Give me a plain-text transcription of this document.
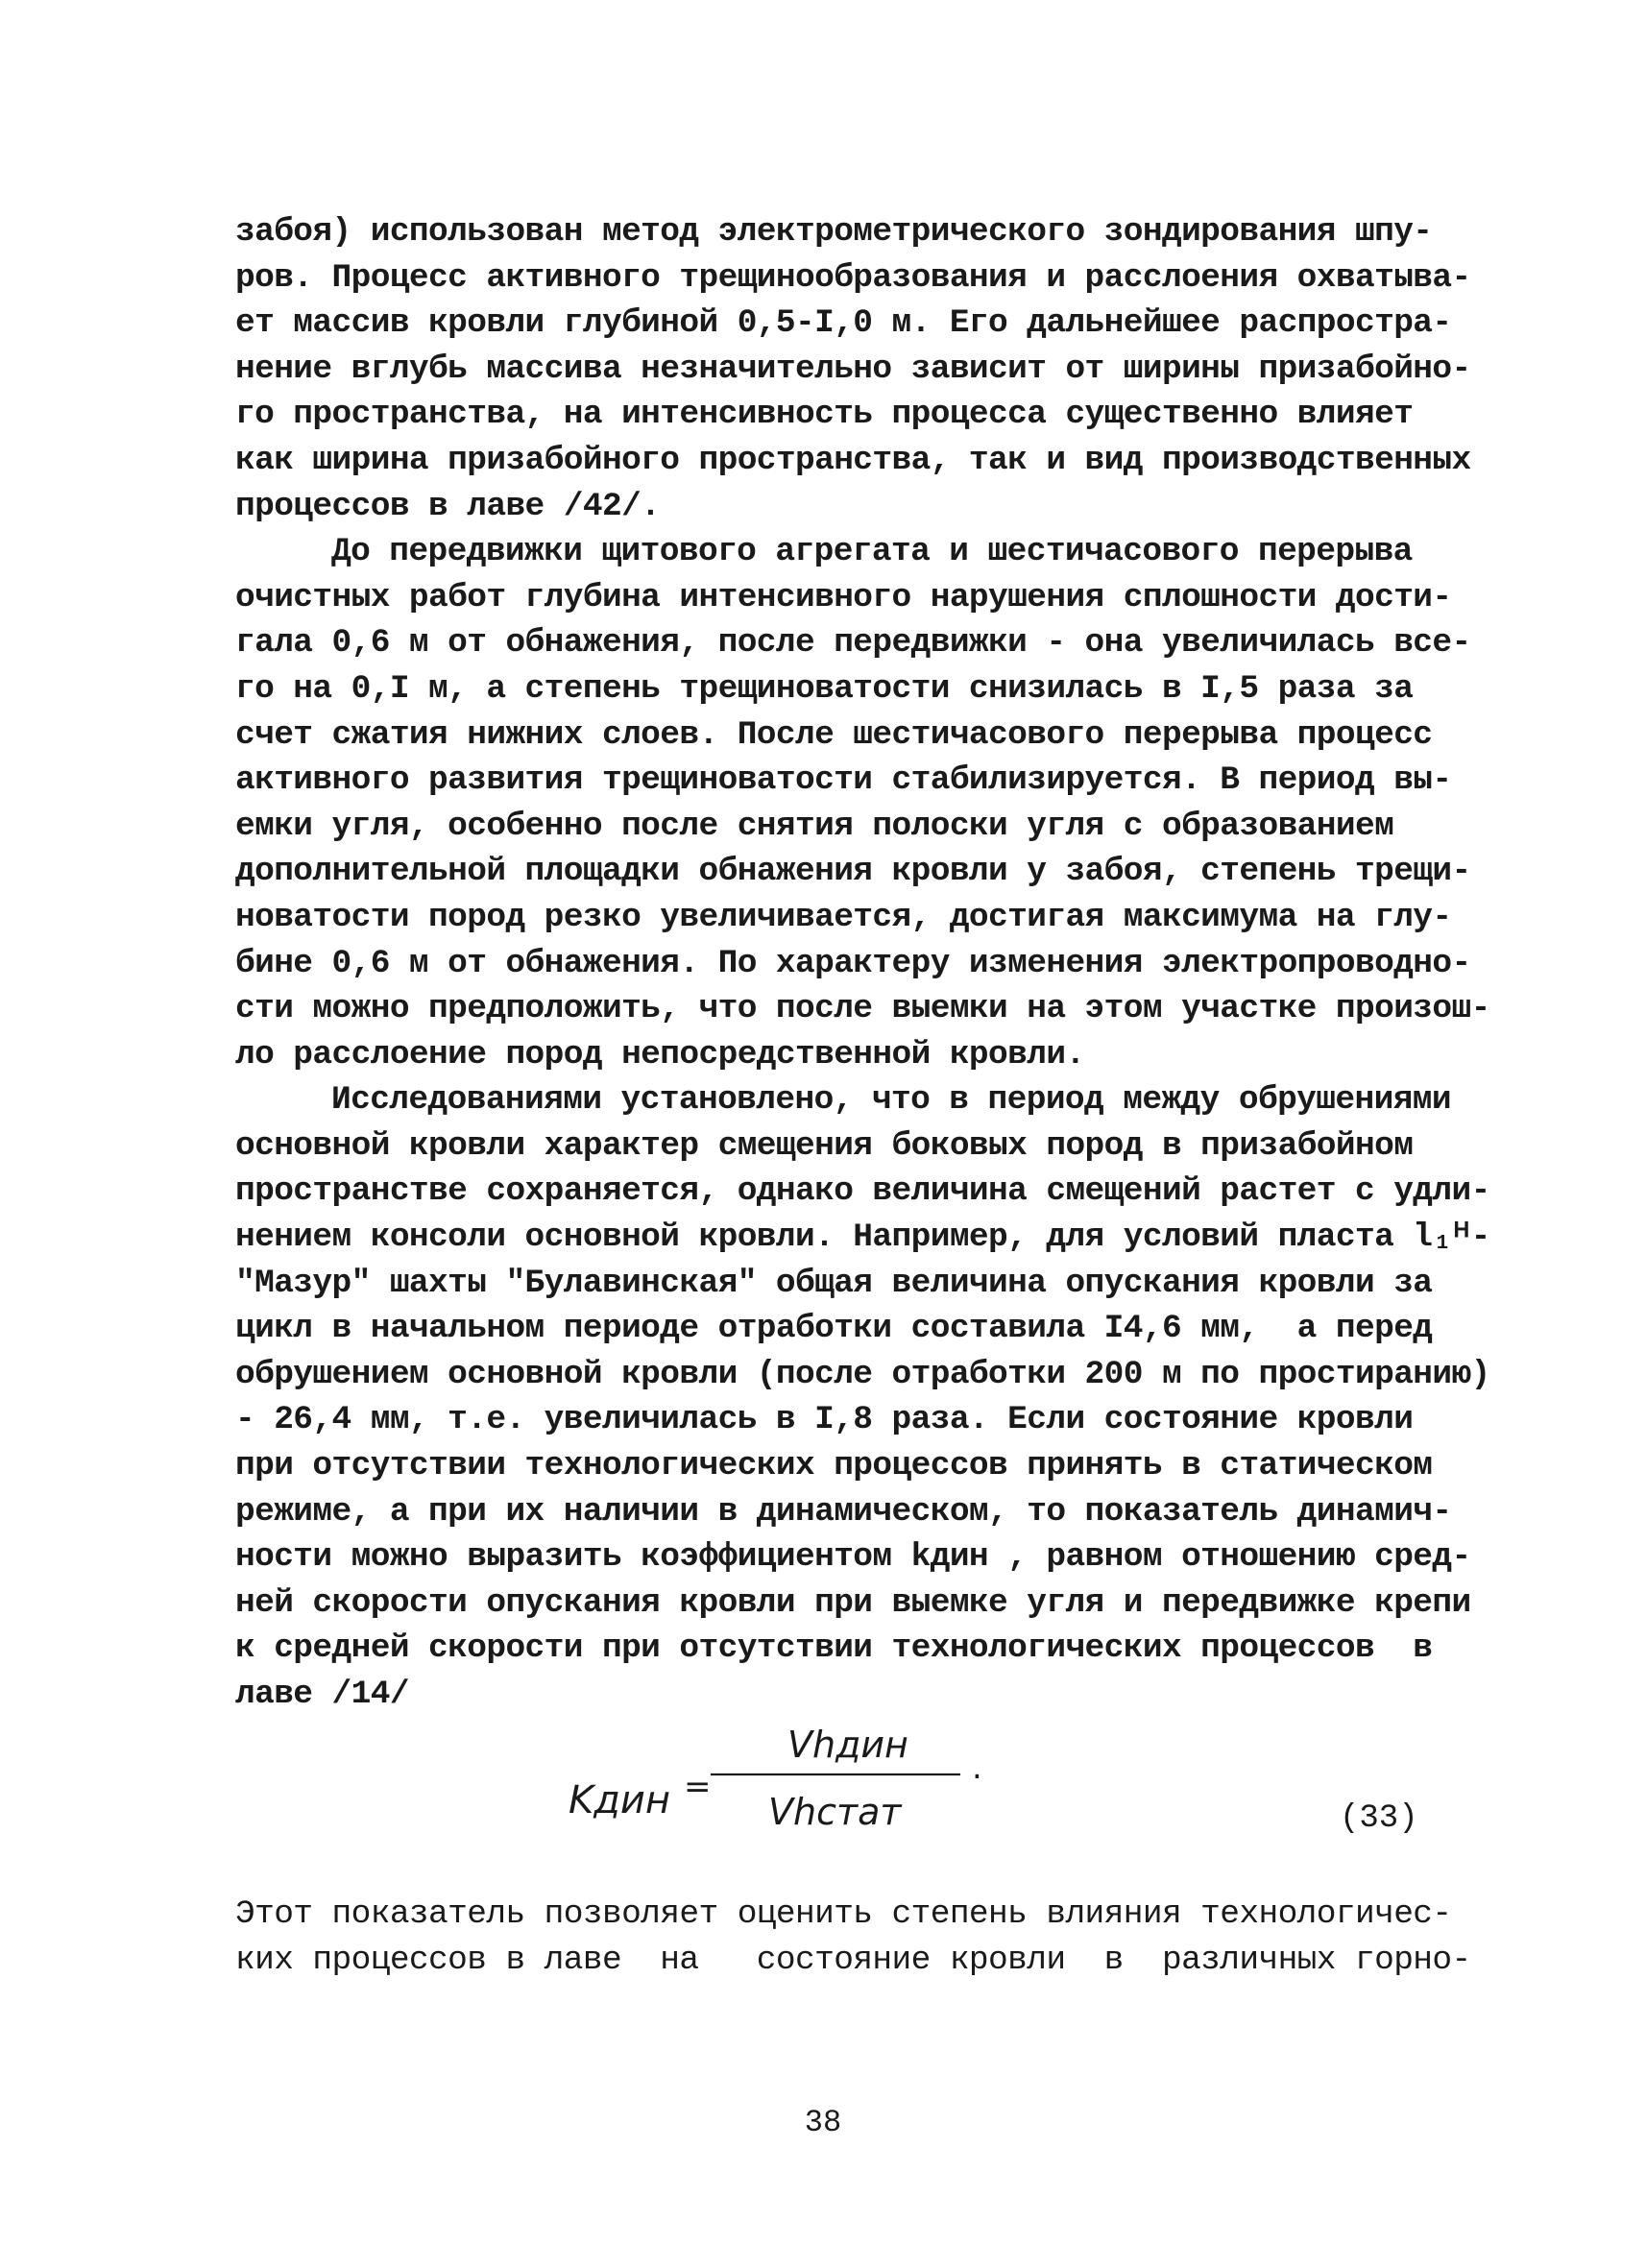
забоя) использован метод электрометрического зондирования шпу-
ров. Процесс активного трещинообразования и расслоения охватыва-
ет массив кровли глубиной 0,5-I,0 м. Его дальнейшее распростра-
нение вглубь массива незначительно зависит от ширины призабойно-
го пространства, на интенсивность процесса существенно влияет
как ширина призабойного пространства, так и вид производственных
процессов в лаве /42/.
До передвижки щитового агрегата и шестичасового перерыва
очистных работ глубина интенсивного нарушения сплошности дости-
гала 0,6 м от обнажения, после передвижки - она увеличилась все-
го на 0,I м, а степень трещиноватости снизилась в I,5 раза за
счет сжатия нижних слоев. После шестичасового перерыва процесс
активного развития трещиноватости стабилизируется. В период вы-
емки угля, особенно после снятия полоски угля с образованием
дополнительной площадки обнажения кровли у забоя, степень трещи-
новатости пород резко увеличивается, достигая максимума на глу-
бине 0,6 м от обнажения. По характеру изменения электропроводно-
сти можно предположить, что после выемки на этом участке произош-
ло расслоение пород непосредственной кровли.
Исследованиями установлено, что в период между обрушениями
основной кровли характер смещения боковых пород в призабойном
пространстве сохраняется, однако величина смещений растет с удли-
нением консоли основной кровли. Например, для условий пласта l₁ᴴ-
"Мазур" шахты "Булавинская" общая величина опускания кровли за
цикл в начальном периоде отработки составила I4,6 мм,  а перед
обрушением основной кровли (после отработки 200 м по простиранию)
- 26,4 мм, т.е. увеличилась в I,8 раза. Если состояние кровли
при отсутствии технологических процессов принять в статическом
режиме, а при их наличии в динамическом, то показатель динамич-
ности можно выразить коэффициентом kдин , равном отношению сред-
ней скорости опускания кровли при выемке угля и передвижке крепи
к средней скорости при отсутствии технологических процессов  в
лаве /14/
Kдин =
Vhдин
.
Vhстат	(33)
Этот показатель позволяет оценить степень влияния технологичес-
ких процессов в лаве  на   состояние кровли  в  различных горно-
38
